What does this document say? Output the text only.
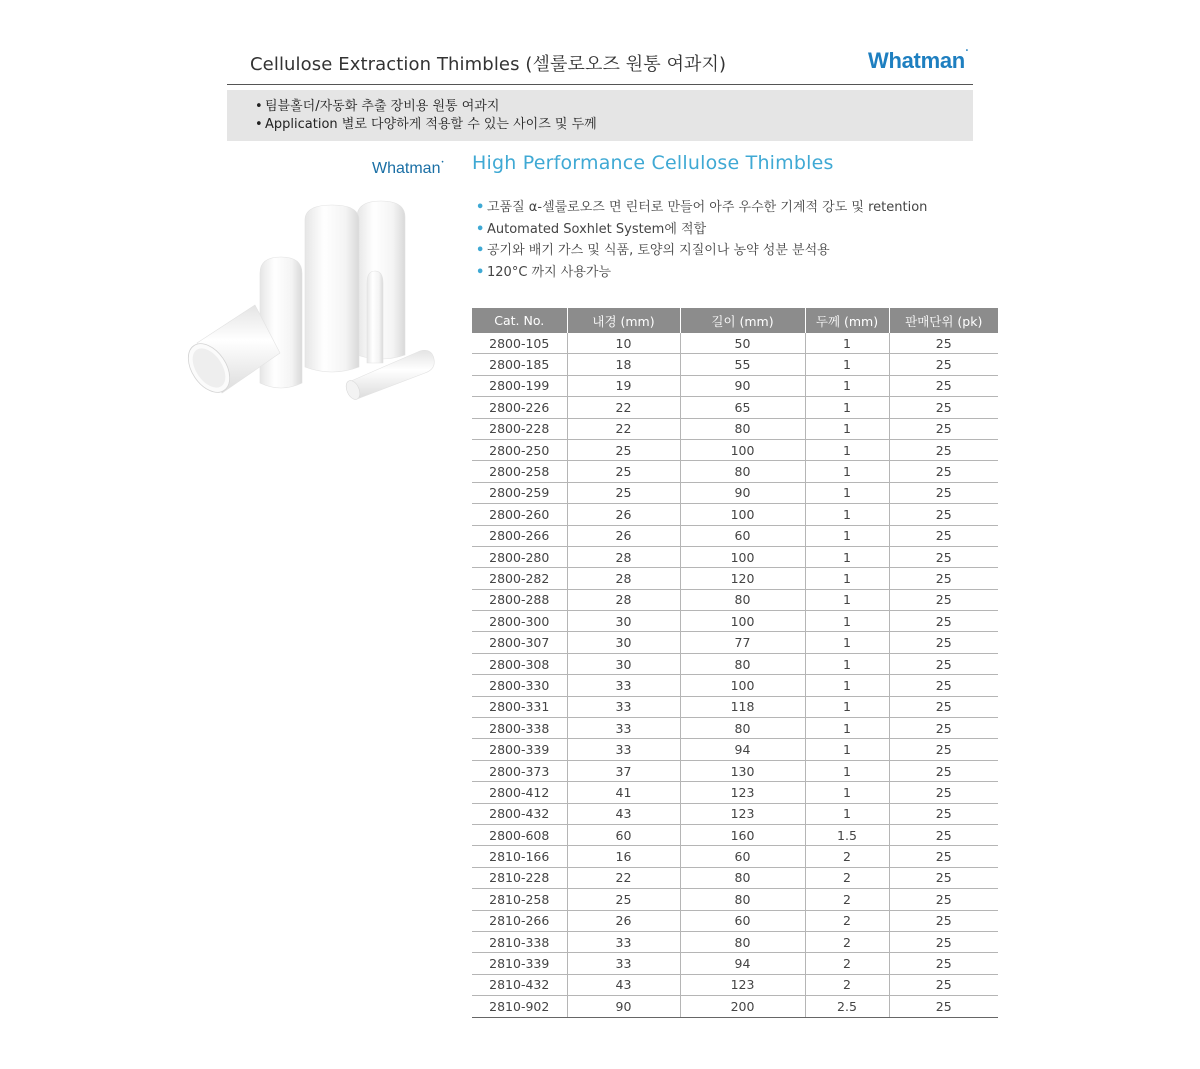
Cellulose Extraction Thimbles (셀룰로오즈 원통 여과지)	Whatman•
• 팀블홀더/자동화 추출 장비용 원통 여과지
• Application 별로 다양하게 적용할 수 있는 사이즈 및 두께
Whatman• High Performance Cellulose Thimbles
• 고품질 α-셀룰로오즈 면 린터로 만들어 아주 우수한 기계적 강도 및 retention
• Automated Soxhlet System에 적합
• 공기와 배기 가스 및 식품, 토양의 지질이나 농약 성분 분석용
• 120°C 까지 사용가능
Cat. No.	내경 (mm)	길이 (mm)	두께 (mm)	판매단위 (pk)
2800-105	10	50	1	25
2800-185	18	55	1	25
2800-199	19	90	1	25
2800-226	22	65	1	25
2800-228	22	80	1	25
2800-250	25	100	1	25
2800-258	25	80	1	25
2800-259	25	90	1	25
2800-260	26	100	1	25
2800-266	26	60	1	25
2800-280	28	100	1	25
2800-282	28	120	1	25
2800-288	28	80	1	25
2800-300	30	100	1	25
2800-307	30	77	1	25
2800-308	30	80	1	25
2800-330	33	100	1	25
2800-331	33	118	1	25
2800-338	33	80	1	25
2800-339	33	94	1	25
2800-373	37	130	1	25
2800-412	41	123	1	25
2800-432	43	123	1	25
2800-608	60	160	1.5	25
2810-166	16	60	2	25
2810-228	22	80	2	25
2810-258	25	80	2	25
2810-266	26	60	2	25
2810-338	33	80	2	25
2810-339	33	94	2	25
2810-432	43	123	2	25
2810-902	90	200	2.5	25
